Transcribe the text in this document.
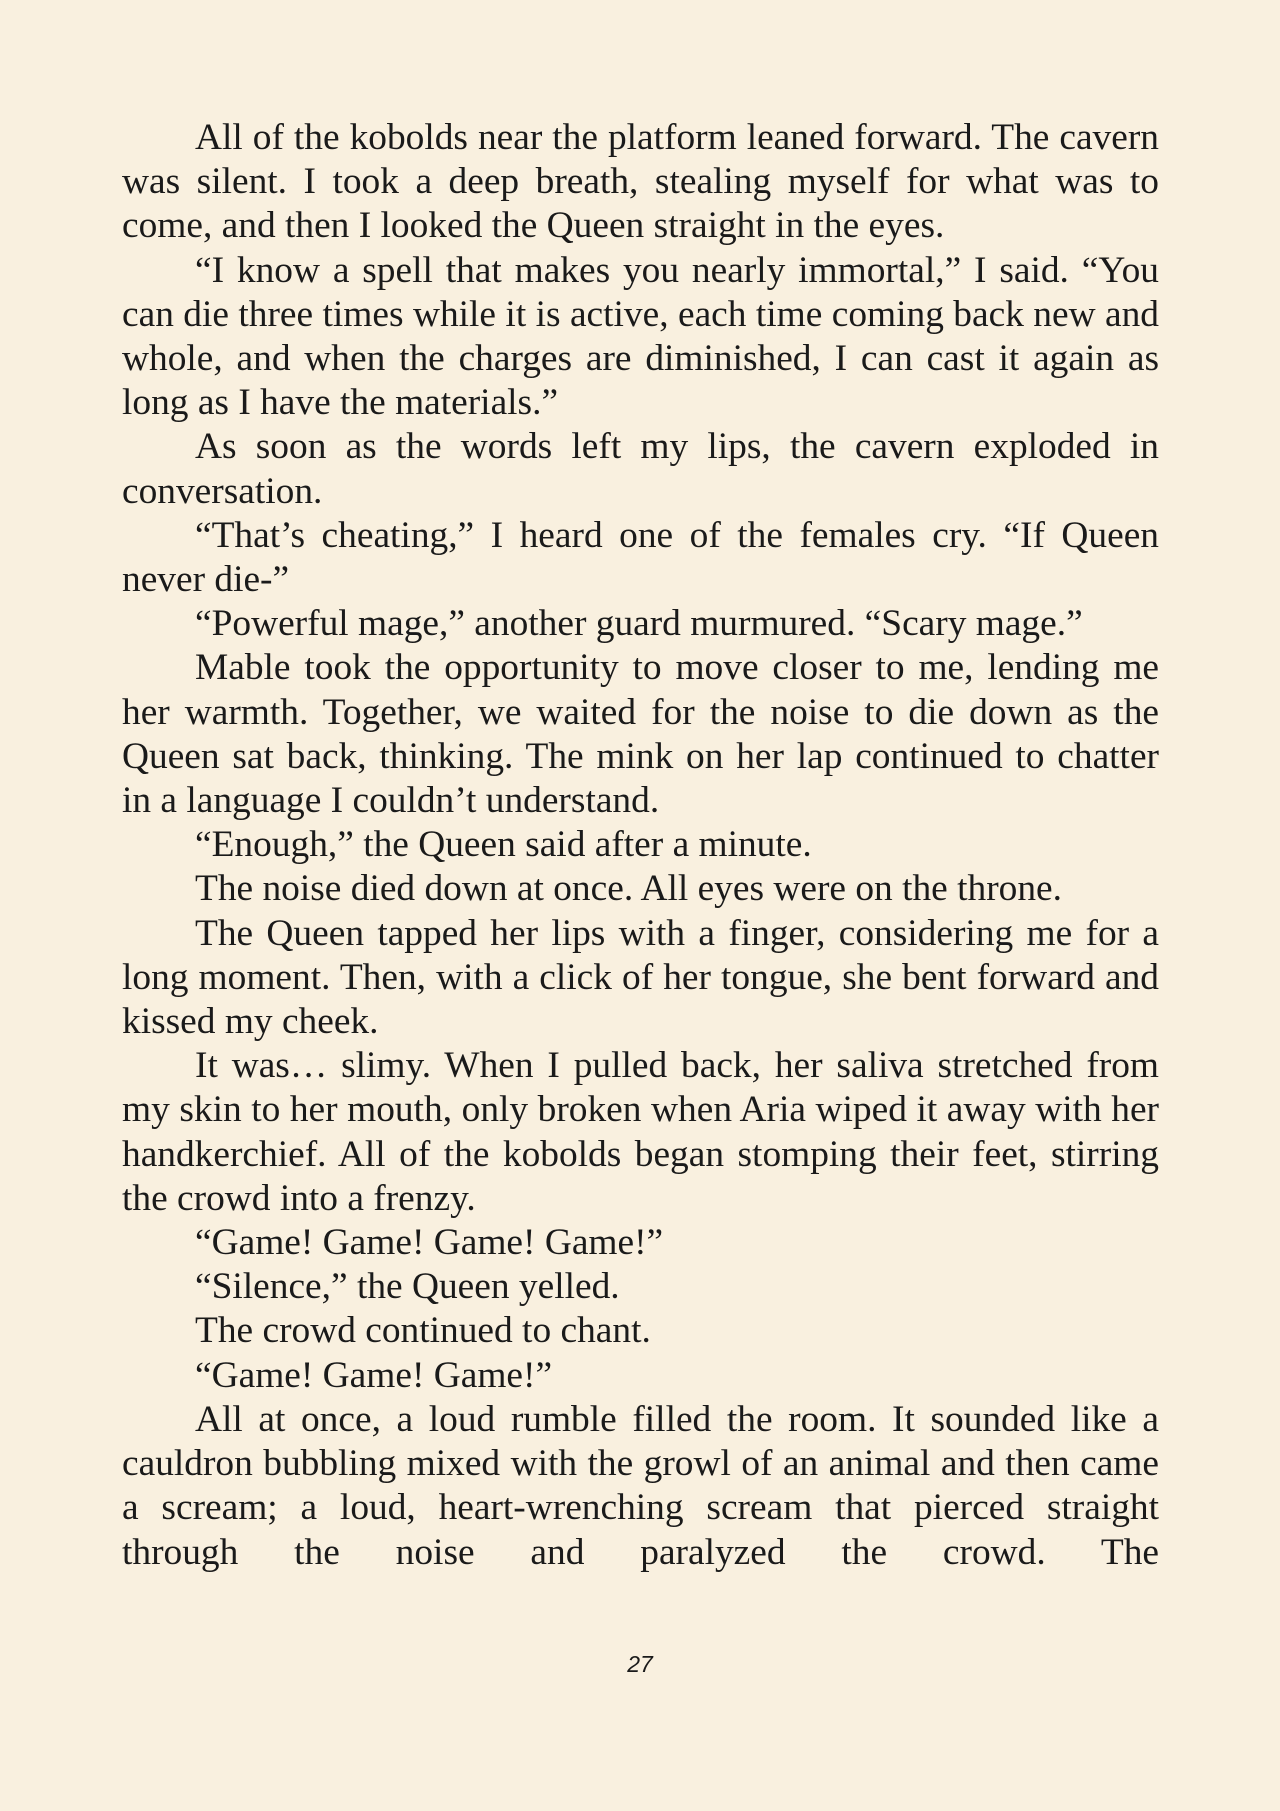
All of the kobolds near the platform leaned forward. The cavern was silent. I took a deep breath, stealing myself for what was to come, and then I looked the Queen straight in the eyes.

“I know a spell that makes you nearly immortal,” I said. “You can die three times while it is active, each time coming back new and whole, and when the charges are diminished, I can cast it again as long as I have the materials.”

As soon as the words left my lips, the cavern exploded in conversation.

“That’s cheating,” I heard one of the females cry. “If Queen never die-”

“Powerful mage,” another guard murmured. “Scary mage.”

Mable took the opportunity to move closer to me, lending me her warmth. Together, we waited for the noise to die down as the Queen sat back, thinking. The mink on her lap continued to chatter in a language I couldn’t understand.

“Enough,” the Queen said after a minute.

The noise died down at once. All eyes were on the throne.

The Queen tapped her lips with a finger, considering me for a long moment. Then, with a click of her tongue, she bent forward and kissed my cheek.

It was… slimy. When I pulled back, her saliva stretched from my skin to her mouth, only broken when Aria wiped it away with her handkerchief. All of the kobolds began stomping their feet, stirring the crowd into a frenzy.

“Game! Game! Game! Game!”

“Silence,” the Queen yelled.

The crowd continued to chant.

“Game! Game! Game!”

All at once, a loud rumble filled the room. It sounded like a cauldron bubbling mixed with the growl of an animal and then came a scream; a loud, heart-wrenching scream that pierced straight through the noise and paralyzed the crowd. The

27
